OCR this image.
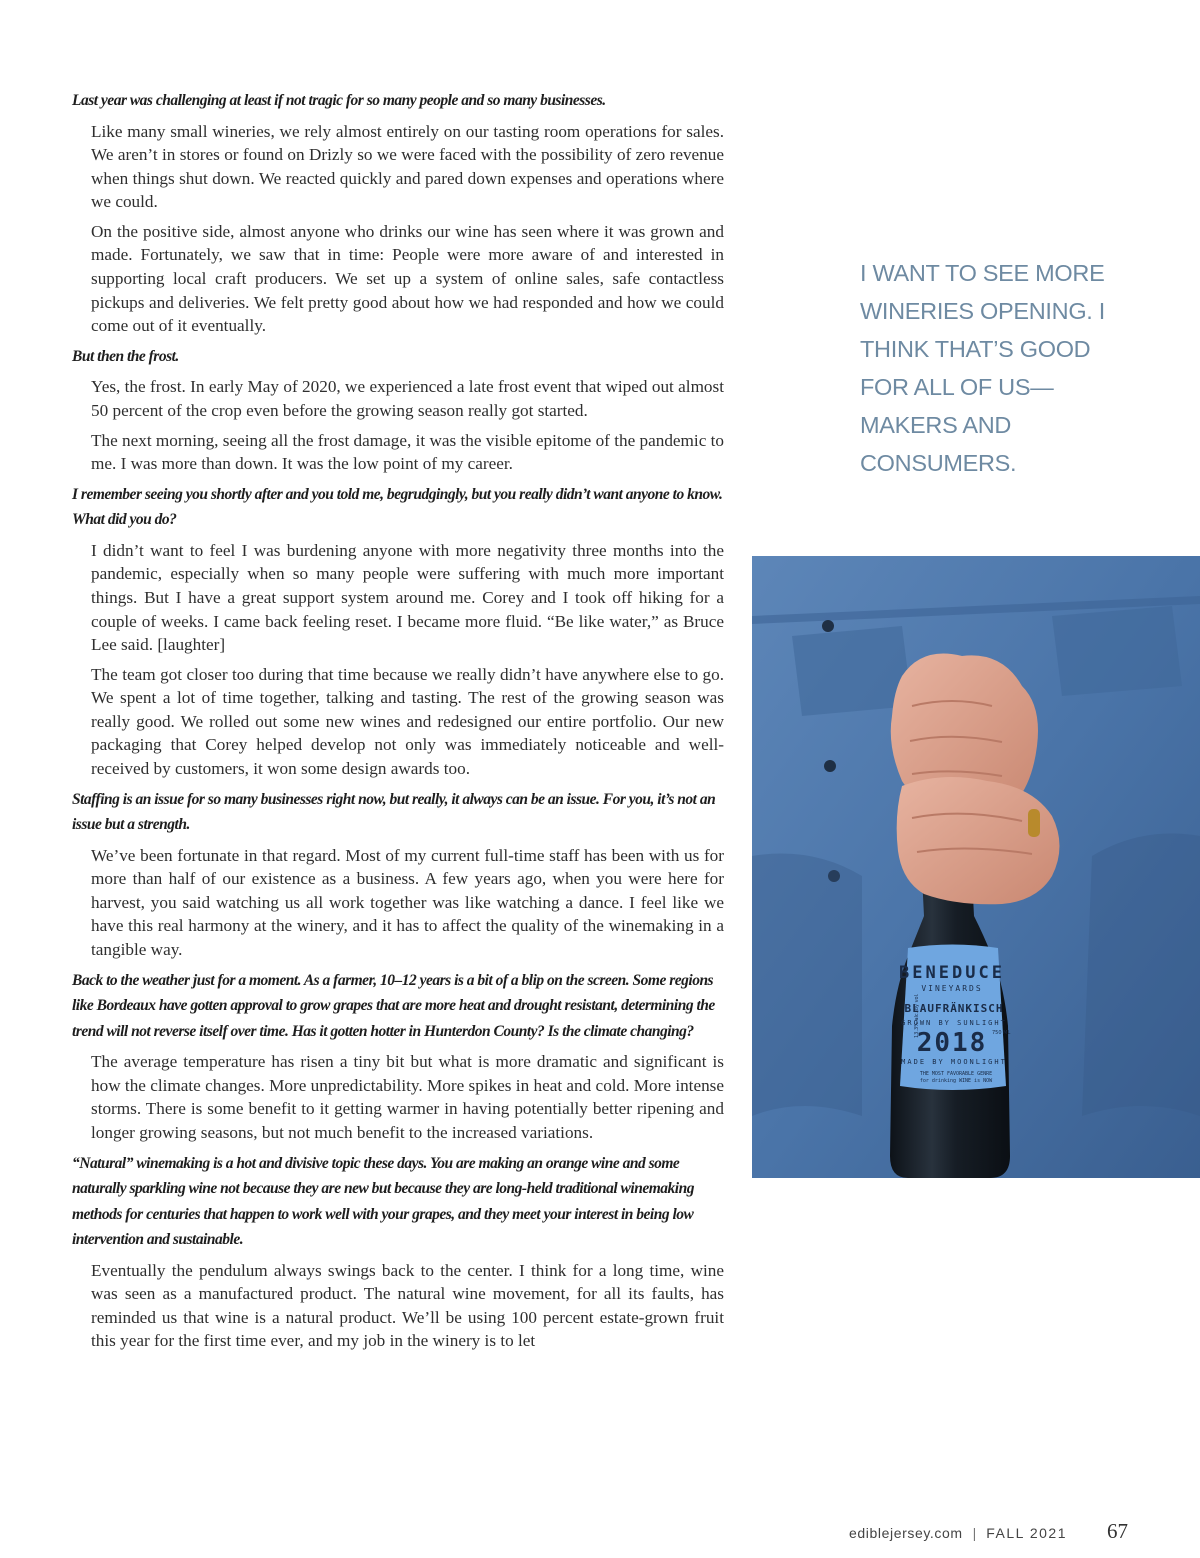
Last year was challenging at least if not tragic for so many people and so many businesses.

Like many small wineries, we rely almost entirely on our tasting room operations for sales. We aren’t in stores or found on Drizly so we were faced with the possibility of zero revenue when things shut down. We reacted quickly and pared down expenses and operations where we could.

On the positive side, almost anyone who drinks our wine has seen where it was grown and made. Fortunately, we saw that in time: People were more aware of and interested in supporting local craft producers. We set up a system of online sales, safe contactless pickups and deliveries. We felt pretty good about how we had responded and how we could come out of it eventually.

But then the frost.

Yes, the frost. In early May of 2020, we experienced a late frost event that wiped out almost 50 percent of the crop even before the growing season really got started.

The next morning, seeing all the frost damage, it was the visible epitome of the pandemic to me. I was more than down. It was the low point of my career.

I remember seeing you shortly after and you told me, begrudgingly, but you really didn’t want anyone to know. What did you do?

I didn’t want to feel I was burdening anyone with more negativity three months into the pandemic, especially when so many people were suffering with much more important things. But I have a great support system around me. Corey and I took off hiking for a couple of weeks. I came back feeling reset. I became more fluid. “Be like water,” as Bruce Lee said. [laughter]

The team got closer too during that time because we really didn’t have anywhere else to go. We spent a lot of time together, talking and tasting. The rest of the growing season was really good. We rolled out some new wines and redesigned our entire portfolio. Our new packaging that Corey helped develop not only was immediately noticeable and well-received by customers, it won some design awards too.

Staffing is an issue for so many businesses right now, but really, it always can be an issue. For you, it’s not an issue but a strength.

We’ve been fortunate in that regard. Most of my current full-time staff has been with us for more than half of our existence as a business. A few years ago, when you were here for harvest, you said watching us all work together was like watching a dance. I feel like we have this real harmony at the winery, and it has to affect the quality of the winemaking in a tangible way.

Back to the weather just for a moment. As a farmer, 10–12 years is a bit of a blip on the screen. Some regions like Bordeaux have gotten approval to grow grapes that are more heat and drought resistant, determining the trend will not reverse itself over time. Has it gotten hotter in Hunterdon County? Is the climate changing?

The average temperature has risen a tiny bit but what is more dramatic and significant is how the climate changes. More unpredictability. More spikes in heat and cold. More intense storms. There is some benefit to it getting warmer in having potentially better ripening and longer growing seasons, but not much benefit to the increased variations.

“Natural” winemaking is a hot and divisive topic these days. You are making an orange wine and some naturally sparkling wine not because they are new but because they are long-held traditional winemaking methods for centuries that happen to work well with your grapes, and they meet your interest in being low intervention and sustainable.

Eventually the pendulum always swings back to the center. I think for a long time, wine was seen as a manufactured product. The natural wine movement, for all its faults, has reminded us that wine is a natural product. We’ll be using 100 percent estate-grown fruit this year for the first time ever, and my job in the winery is to let

I WANT TO SEE MORE WINERIES OPENING. I THINK THAT’S GOOD FOR ALL OF US—MAKERS AND CONSUMERS.
BENEDUCE
VINEYARDS
BLAUFRÄNKISCH
GROWN BY SUNLIGHT
2018
13.3% alc. by vol.	750 ML
MADE BY MOONLIGHT
THE MOST FAVORABLE GENRE
for drinking WINE is NOW
ediblejersey.com | FALL 2021 67
